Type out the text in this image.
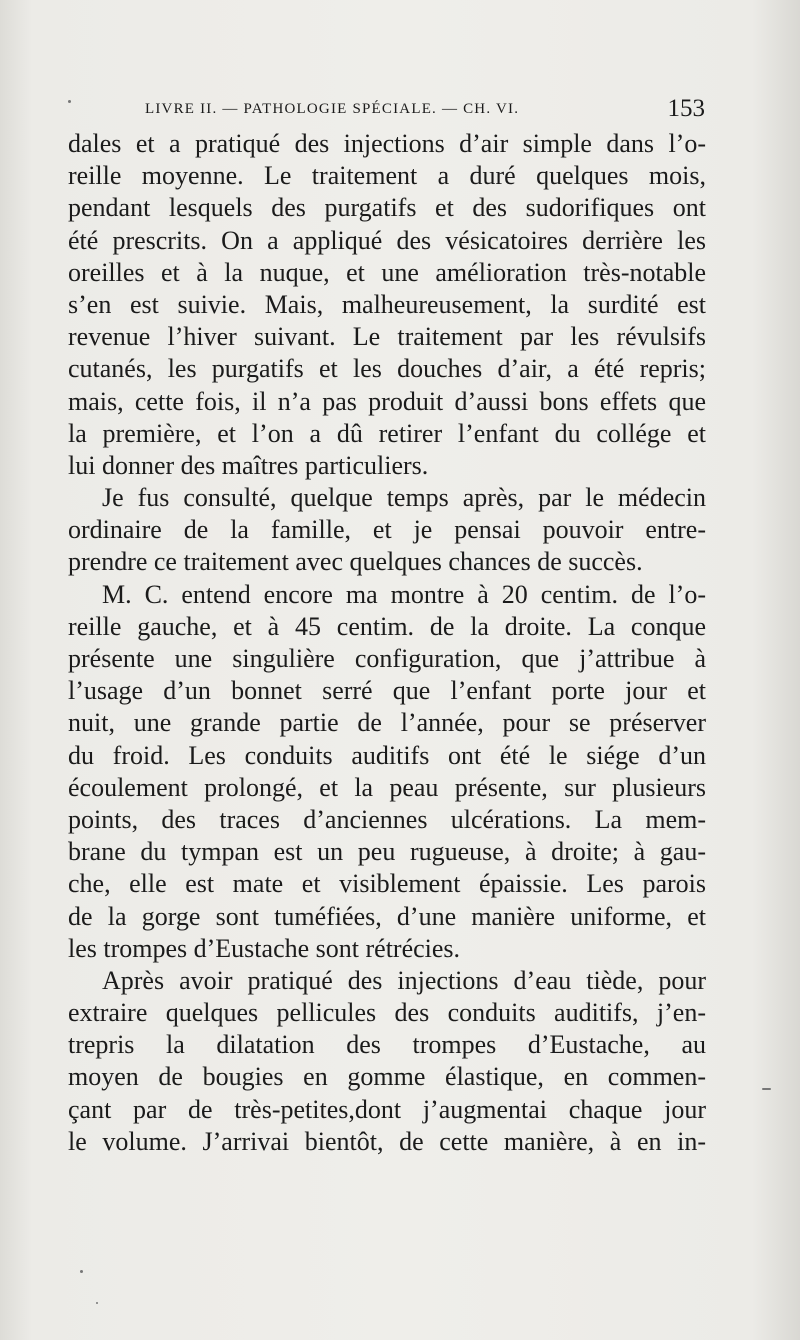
LIVRE II. — PATHOLOGIE SPÉCIALE. — CH. VI.	153
dales et a pratiqué des injections d’air simple dans l’o-
reille moyenne. Le traitement a duré quelques mois,
pendant lesquels des purgatifs et des sudorifiques ont
été prescrits. On a appliqué des vésicatoires derrière les
oreilles et à la nuque, et une amélioration très-notable
s’en est suivie. Mais, malheureusement, la surdité est
revenue l’hiver suivant. Le traitement par les révulsifs
cutanés, les purgatifs et les douches d’air, a été repris;
mais, cette fois, il n’a pas produit d’aussi bons effets que
la première, et l’on a dû retirer l’enfant du collége et
lui donner des maîtres particuliers.
Je fus consulté, quelque temps après, par le médecin
ordinaire de la famille, et je pensai pouvoir entre-
prendre ce traitement avec quelques chances de succès.
M. C. entend encore ma montre à 20 centim. de l’o-
reille gauche, et à 45 centim. de la droite. La conque
présente une singulière configuration, que j’attribue à
l’usage d’un bonnet serré que l’enfant porte jour et
nuit, une grande partie de l’année, pour se préserver
du froid. Les conduits auditifs ont été le siége d’un
écoulement prolongé, et la peau présente, sur plusieurs
points, des traces d’anciennes ulcérations. La mem-
brane du tympan est un peu rugueuse, à droite; à gau-
che, elle est mate et visiblement épaissie. Les parois
de la gorge sont tuméfiées, d’une manière uniforme, et
les trompes d’Eustache sont rétrécies.
Après avoir pratiqué des injections d’eau tiède, pour
extraire quelques pellicules des conduits auditifs, j’en-
trepris la dilatation des trompes d’Eustache, au
moyen de bougies en gomme élastique, en commen-
çant par de très-petites,dont j’augmentai chaque jour
le volume. J’arrivai bientôt, de cette manière, à en in-
